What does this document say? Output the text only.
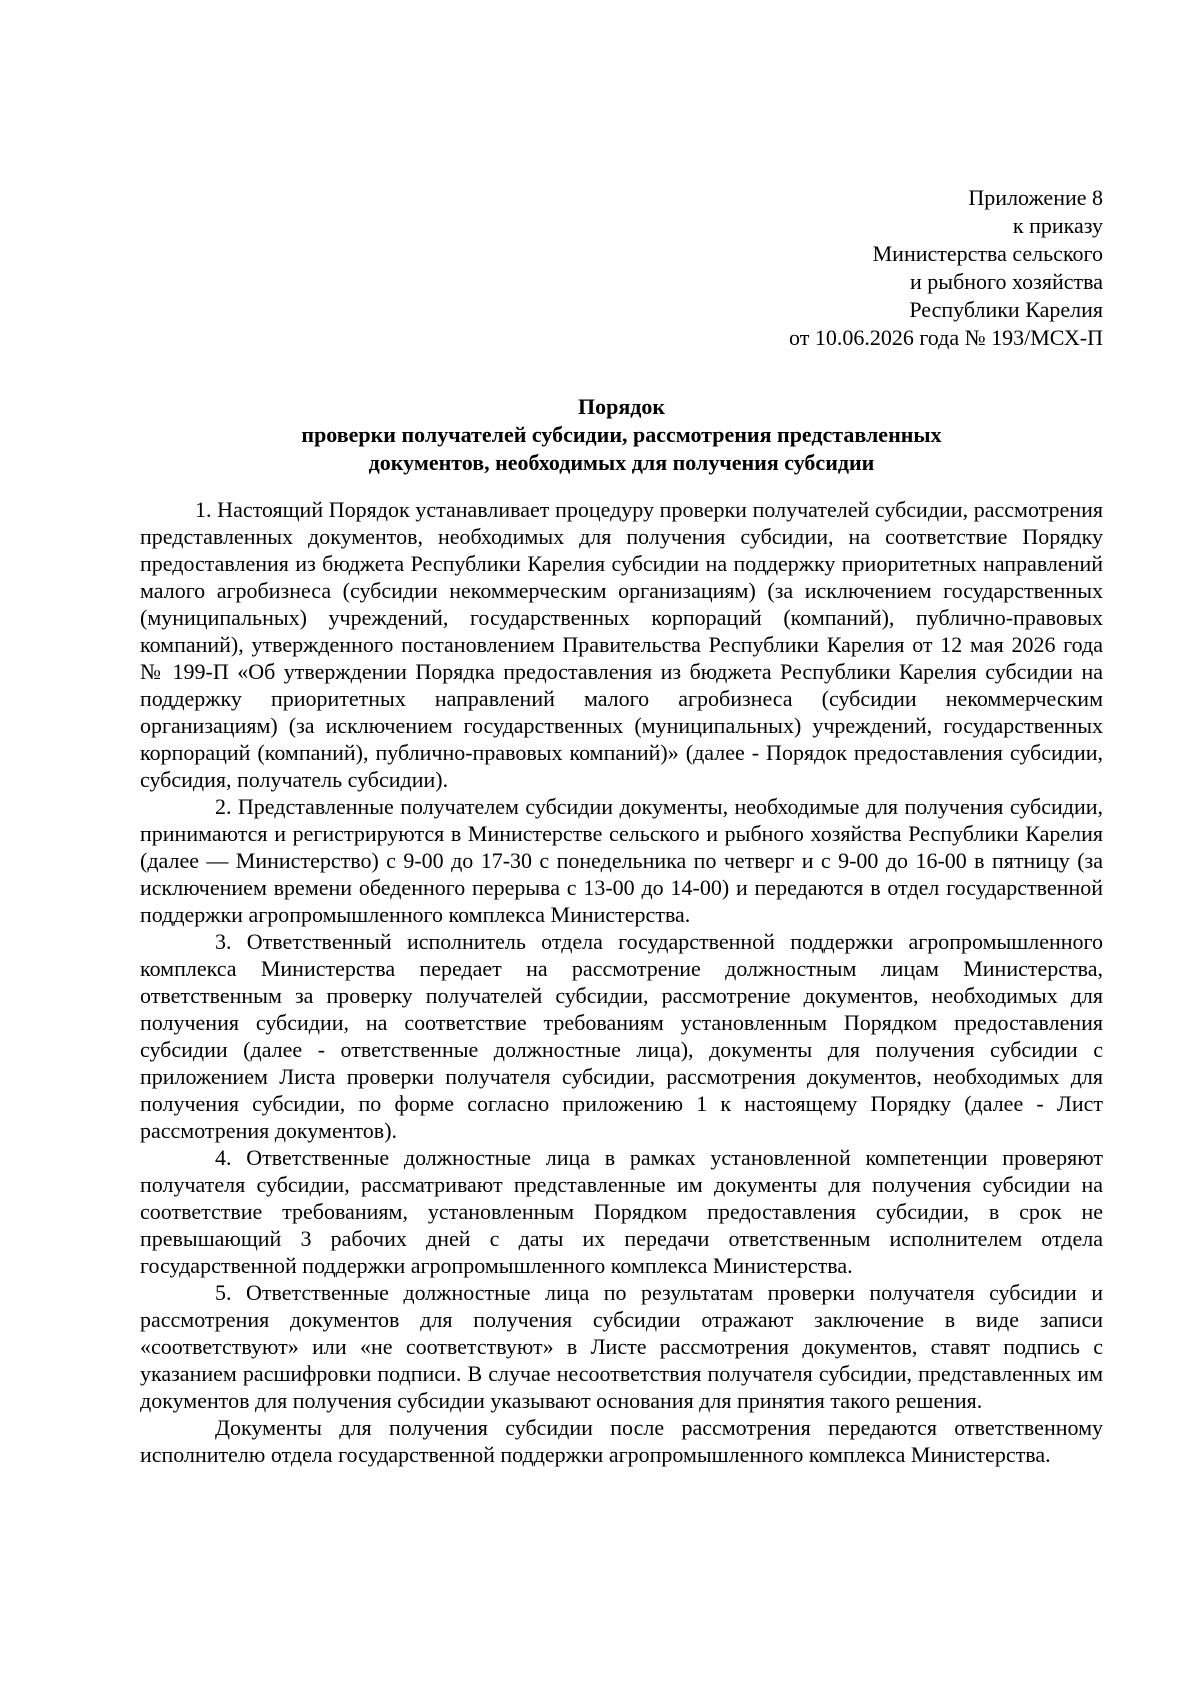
Приложение 8
к приказу
Министерства сельского
и рыбного хозяйства
Республики Карелия
от 10.06.2026 года № 193/МСХ-П
Порядок
проверки получателей субсидии, рассмотрения представленных
документов, необходимых для получения субсидии

1. Настоящий Порядок устанавливает процедуру проверки получателей субсидии, рассмотрения представленных документов, необходимых для получения субсидии, на соответствие Порядку предоставления из бюджета Республики Карелия субсидии на поддержку приоритетных направлений малого агробизнеса (субсидии некоммерческим организациям) (за исключением государственных (муниципальных) учреждений, государственных корпораций (компаний), публично-правовых компаний), утвержденного постановлением Правительства Республики Карелия от 12 мая 2026 года № 199-П «Об утверждении Порядка предоставления из бюджета Республики Карелия субсидии на поддержку приоритетных направлений малого агробизнеса (субсидии некоммерческим организациям) (за исключением государственных (муниципальных) учреждений, государственных корпораций (компаний), публично-правовых компаний)» (далее - Порядок предоставления субсидии, субсидия, получатель субсидии).

2. Представленные получателем субсидии документы, необходимые для получения субсидии, принимаются и регистрируются в Министерстве сельского и рыбного хозяйства Республики Карелия (далее — Министерство) с 9-00 до 17-30 с понедельника по четверг и с 9-00 до 16-00 в пятницу (за исключением времени обеденного перерыва с 13-00 до 14-00) и передаются в отдел государственной поддержки агропромышленного комплекса Министерства.

3. Ответственный исполнитель отдела государственной поддержки агропромышленного комплекса Министерства передает на рассмотрение должностным лицам Министерства, ответственным за проверку получателей субсидии, рассмотрение документов, необходимых для получения субсидии, на соответствие требованиям установленным Порядком предоставления субсидии (далее - ответственные должностные лица), документы для получения субсидии с приложением Листа проверки получателя субсидии, рассмотрения документов, необходимых для получения субсидии, по форме согласно приложению 1 к настоящему Порядку (далее - Лист рассмотрения документов).

4. Ответственные должностные лица в рамках установленной компетенции проверяют получателя субсидии, рассматривают представленные им документы для получения субсидии на соответствие требованиям, установленным Порядком предоставления субсидии, в срок не превышающий 3 рабочих дней с даты их передачи ответственным исполнителем отдела государственной поддержки агропромышленного комплекса Министерства.

5. Ответственные должностные лица по результатам проверки получателя субсидии и рассмотрения документов для получения субсидии отражают заключение в виде записи «соответствуют» или «не соответствуют» в Листе рассмотрения документов, ставят подпись с указанием расшифровки подписи. В случае несоответствия получателя субсидии, представленных им документов для получения субсидии указывают основания для принятия такого решения.

Документы для получения субсидии после рассмотрения передаются ответственному исполнителю отдела государственной поддержки агропромышленного комплекса Министерства.
